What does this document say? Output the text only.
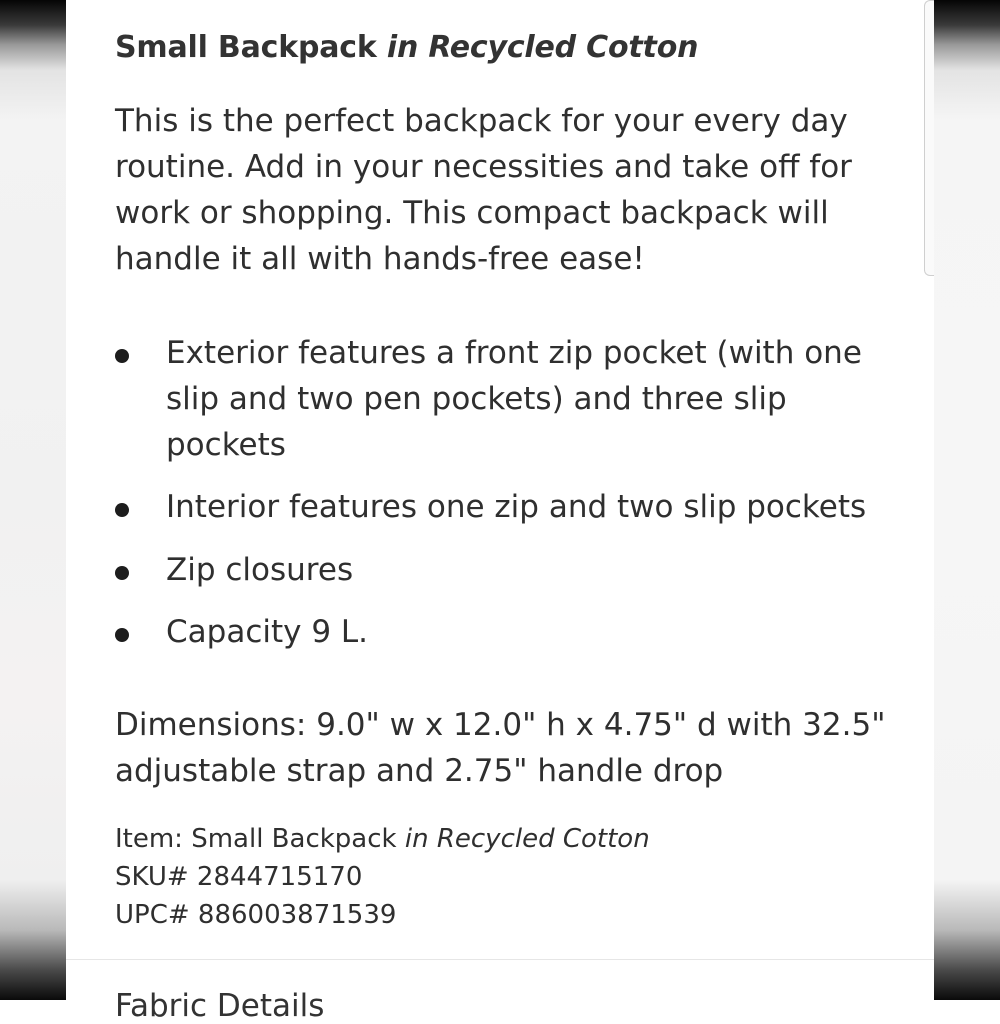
Small Backpack in Recycled Cotton

This is the perfect backpack for your every day routine. Add in your necessities and take off for work or shopping. This compact backpack will handle it all with hands-free ease!

Exterior features a front zip pocket (with one slip and two pen pockets) and three slip pockets
Interior features one zip and two slip pockets
Zip closures
Capacity 9 L.

Dimensions: 9.0" w x 12.0" h x 4.75" d with 32.5" adjustable strap and 2.75" handle drop

Item: Small Backpack in Recycled Cotton
SKU# 2844715170
UPC# 886003871539
Fabric Details
